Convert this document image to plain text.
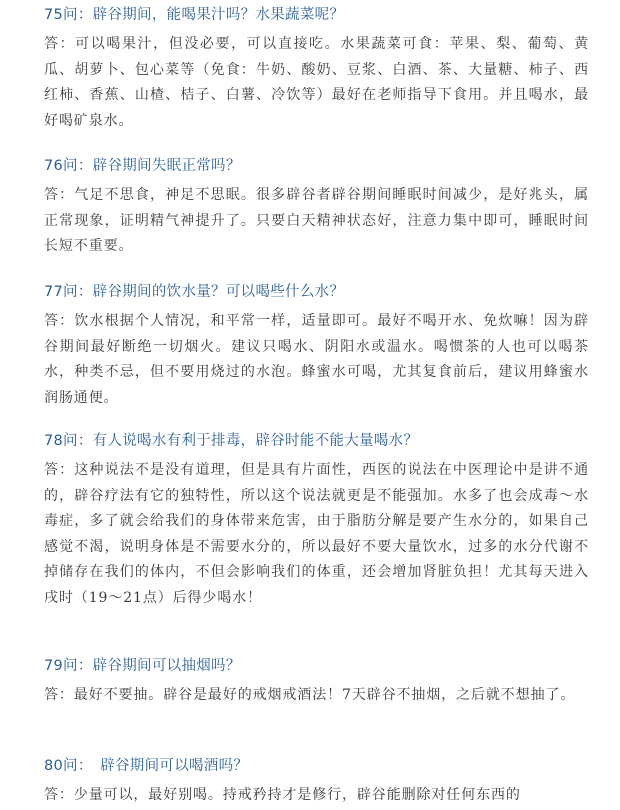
75问：辟谷期间，能喝果汁吗？水果蔬菜呢？
答：可以喝果汁，但没必要，可以直接吃。水果蔬菜可食：苹果、梨、葡萄、黄瓜、胡萝卜、包心菜等（免食：牛奶、酸奶、豆浆、白酒、茶、大量糖、柿子、西红柿、香蕉、山楂、桔子、白薯、冷饮等）最好在老师指导下食用。并且喝水，最好喝矿泉水。
76问：辟谷期间失眠正常吗？
答：气足不思食，神足不思眠。很多辟谷者辟谷期间睡眠时间减少，是好兆头，属正常现象，证明精气神提升了。只要白天精神状态好，注意力集中即可，睡眠时间长短不重要。
77问：辟谷期间的饮水量？可以喝些什么水？
答：饮水根据个人情况，和平常一样，适量即可。最好不喝开水、免炊嘛！因为辟谷期间最好断绝一切烟火。建议只喝水、阴阳水或温水。喝惯茶的人也可以喝茶水，种类不忌，但不要用烧过的水泡。蜂蜜水可喝，尤其复食前后，建议用蜂蜜水润肠通便。
78问：有人说喝水有利于排毒，辟谷时能不能大量喝水？
答：这种说法不是没有道理，但是具有片面性，西医的说法在中医理论中是讲不通的，辟谷疗法有它的独特性，所以这个说法就更是不能强加。水多了也会成毒～水毒症，多了就会给我们的身体带来危害，由于脂肪分解是要产生水分的，如果自己感觉不渴，说明身体是不需要水分的，所以最好不要大量饮水，过多的水分代谢不掉储存在我们的体内，不但会影响我们的体重，还会增加肾脏负担！尤其每天进入戌时（19～21点）后得少喝水！
79问：辟谷期间可以抽烟吗？
答：最好不要抽。辟谷是最好的戒烟戒酒法！7天辟谷不抽烟，之后就不想抽了。
80问：　辟谷期间可以喝酒吗？
答：少量可以，最好别喝。持戒矜持才是修行，辟谷能删除对任何东西的
